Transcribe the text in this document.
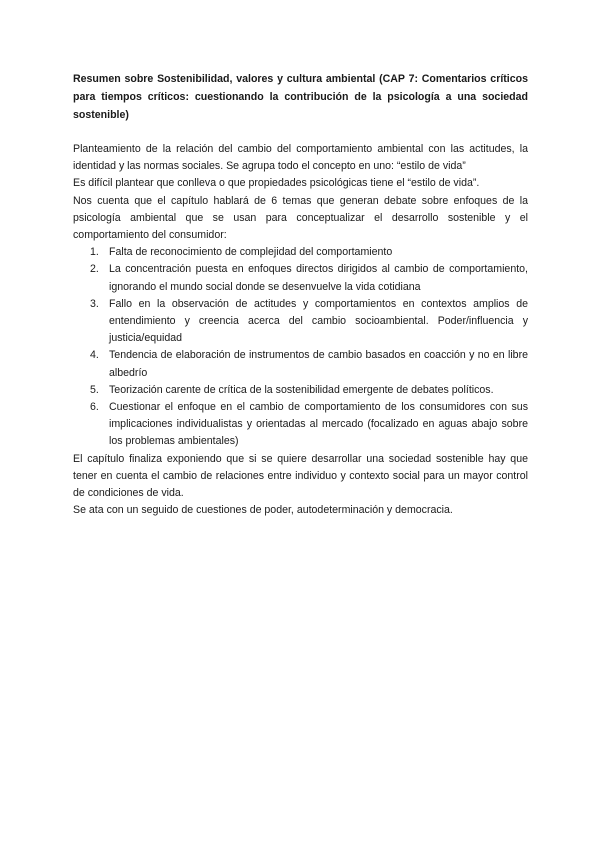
Resumen sobre Sostenibilidad, valores y cultura ambiental (CAP 7: Comentarios críticos para tiempos críticos: cuestionando la contribución de la psicología a una sociedad sostenible)

Planteamiento de la relación del cambio del comportamiento ambiental con las actitudes, la identidad y las normas sociales. Se agrupa todo el concepto en uno: “estilo de vida”

Es difícil plantear que conlleva o que propiedades psicológicas tiene el “estilo de vida”.

Nos cuenta que el capítulo hablará de 6 temas que generan debate sobre enfoques de la psicología ambiental que se usan para conceptualizar el desarrollo sostenible y el comportamiento del consumidor:

1. Falta de reconocimiento de complejidad del comportamiento
2. La concentración puesta en enfoques directos dirigidos al cambio de comportamiento, ignorando el mundo social donde se desenvuelve la vida cotidiana
3. Fallo en la observación de actitudes y comportamientos en contextos amplios de entendimiento y creencia acerca del cambio socioambiental. Poder/influencia y justicia/equidad
4. Tendencia de elaboración de instrumentos de cambio basados en coacción y no en libre albedrío
5. Teorización carente de crítica de la sostenibilidad emergente de debates políticos.
6. Cuestionar el enfoque en el cambio de comportamiento de los consumidores con sus implicaciones individualistas y orientadas al mercado (focalizado en aguas abajo sobre los problemas ambientales)

El capítulo finaliza exponiendo que si se quiere desarrollar una sociedad sostenible hay que tener en cuenta el cambio de relaciones entre individuo y contexto social para un mayor control de condiciones de vida.

Se ata con un seguido de cuestiones de poder, autodeterminación y democracia.
